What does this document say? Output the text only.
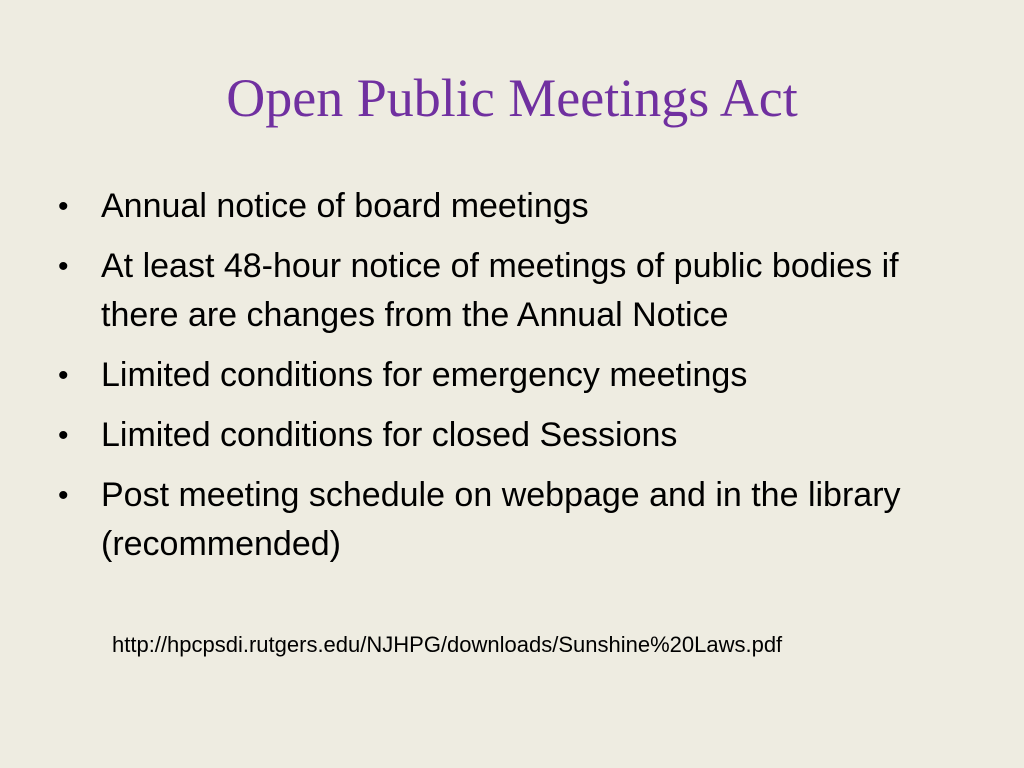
Open Public Meetings Act
• Annual notice of board meetings
• At least 48-hour notice of meetings of public bodies if there are changes from the Annual Notice
• Limited conditions for emergency meetings
• Limited conditions for closed Sessions
• Post meeting schedule on webpage and in the library (recommended)
http://hpcpsdi.rutgers.edu/NJHPG/downloads/Sunshine%20Laws.pdf
